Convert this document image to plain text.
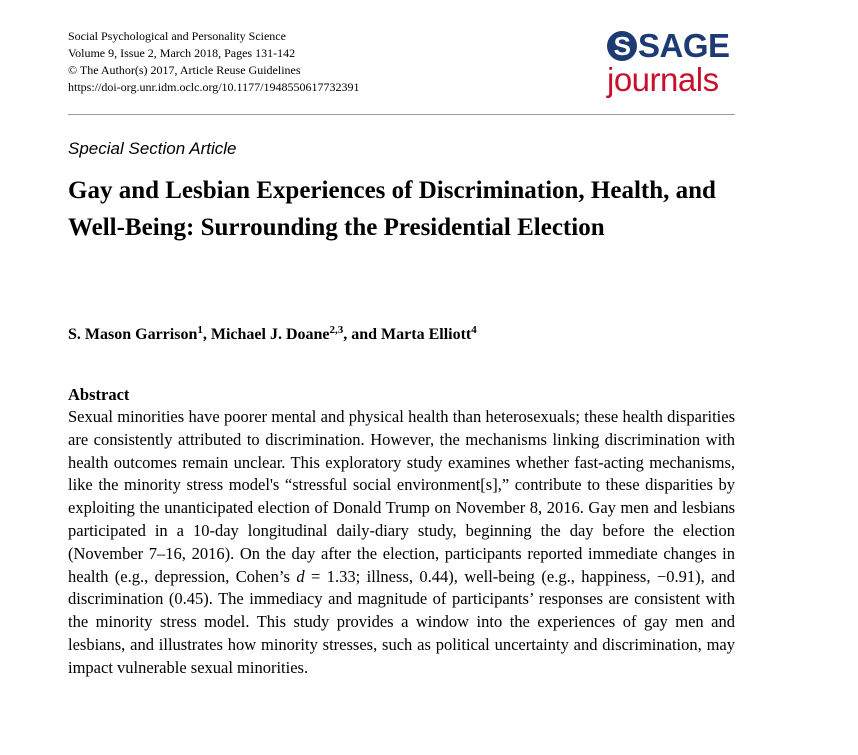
Social Psychological and Personality Science
Volume 9, Issue 2, March 2018, Pages 131-142
© The Author(s) 2017, Article Reuse Guidelines
https://doi-org.unr.idm.oclc.org/10.1177/1948550617732391
S SAGE
journals
Special Section Article
Gay and Lesbian Experiences of Discrimination, Health, and Well-Being: Surrounding the Presidential Election
S. Mason Garrison$^1$, Michael J. Doane$^{2,3}$, and Marta Elliott$^4$
Abstract
Sexual minorities have poorer mental and physical health than heterosexuals; these health disparities are consistently attributed to discrimination. However, the mechanisms linking discrimination with health outcomes remain unclear. This exploratory study examines whether fast-acting mechanisms, like the minority stress model's “stressful social environment[s],” contribute to these disparities by exploiting the unanticipated election of Donald Trump on November 8, 2016. Gay men and lesbians participated in a 10-day longitudinal daily-diary study, beginning the day before the election (November 7–16, 2016). On the day after the election, participants reported immediate changes in health (e.g., depression, Cohen’s d = 1.33; illness, 0.44), well-being (e.g., happiness, −0.91), and discrimination (0.45). The immediacy and magnitude of participants’ responses are consistent with the minority stress model. This study provides a window into the experiences of gay men and lesbians, and illustrates how minority stresses, such as political uncertainty and discrimination, may impact vulnerable sexual minorities.
